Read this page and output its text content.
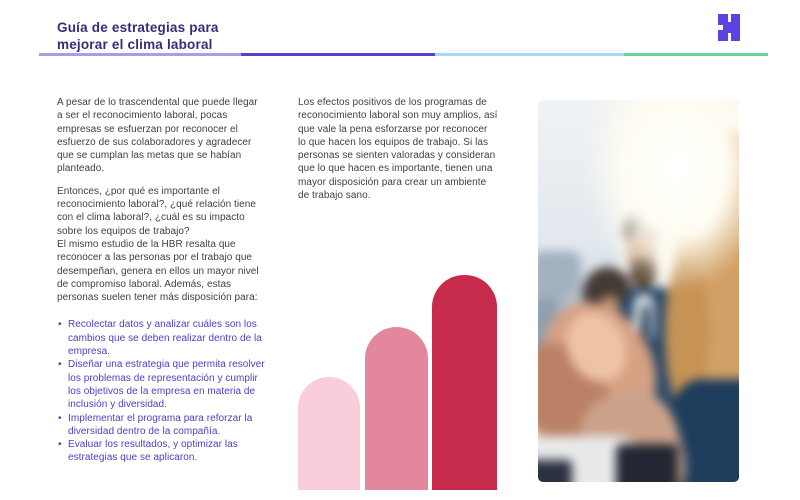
Guía de estrategias para mejorar el clima laboral

A pesar de lo trascendental que puede llegar a ser el reconocimiento laboral, pocas empresas se esfuerzan por reconocer el esfuerzo de sus colaboradores y agradecer que se cumplan las metas que se habían planteado.

Entonces, ¿por qué es importante el reconocimiento laboral?, ¿qué relación tiene con el clima laboral?, ¿cuál es su impacto sobre los equipos de trabajo?

El mismo estudio de la HBR resalta que reconocer a las personas por el trabajo que desempeñan, genera en ellos un mayor nivel de compromiso laboral. Además, estas personas suelen tener más disposición para:

• Recolectar datos y analizar cuáles son los cambios que se deben realizar dentro de la empresa.
• Diseñar una estrategia que permita resolver los problemas de representación y cumplir los objetivos de la empresa en materia de inclusión y diversidad.
• Implementar el programa para reforzar la diversidad dentro de la compañía.
• Evaluar los resultados, y optimizar las estrategias que se aplicaron.

Los efectos positivos de los programas de reconocimiento laboral son muy amplios, así que vale la pena esforzarse por reconocer lo que hacen los equipos de trabajo. Si las personas se sienten valoradas y consideran que lo que hacen es importante, tienen una mayor disposición para crear un ambiente de trabajo sano.
